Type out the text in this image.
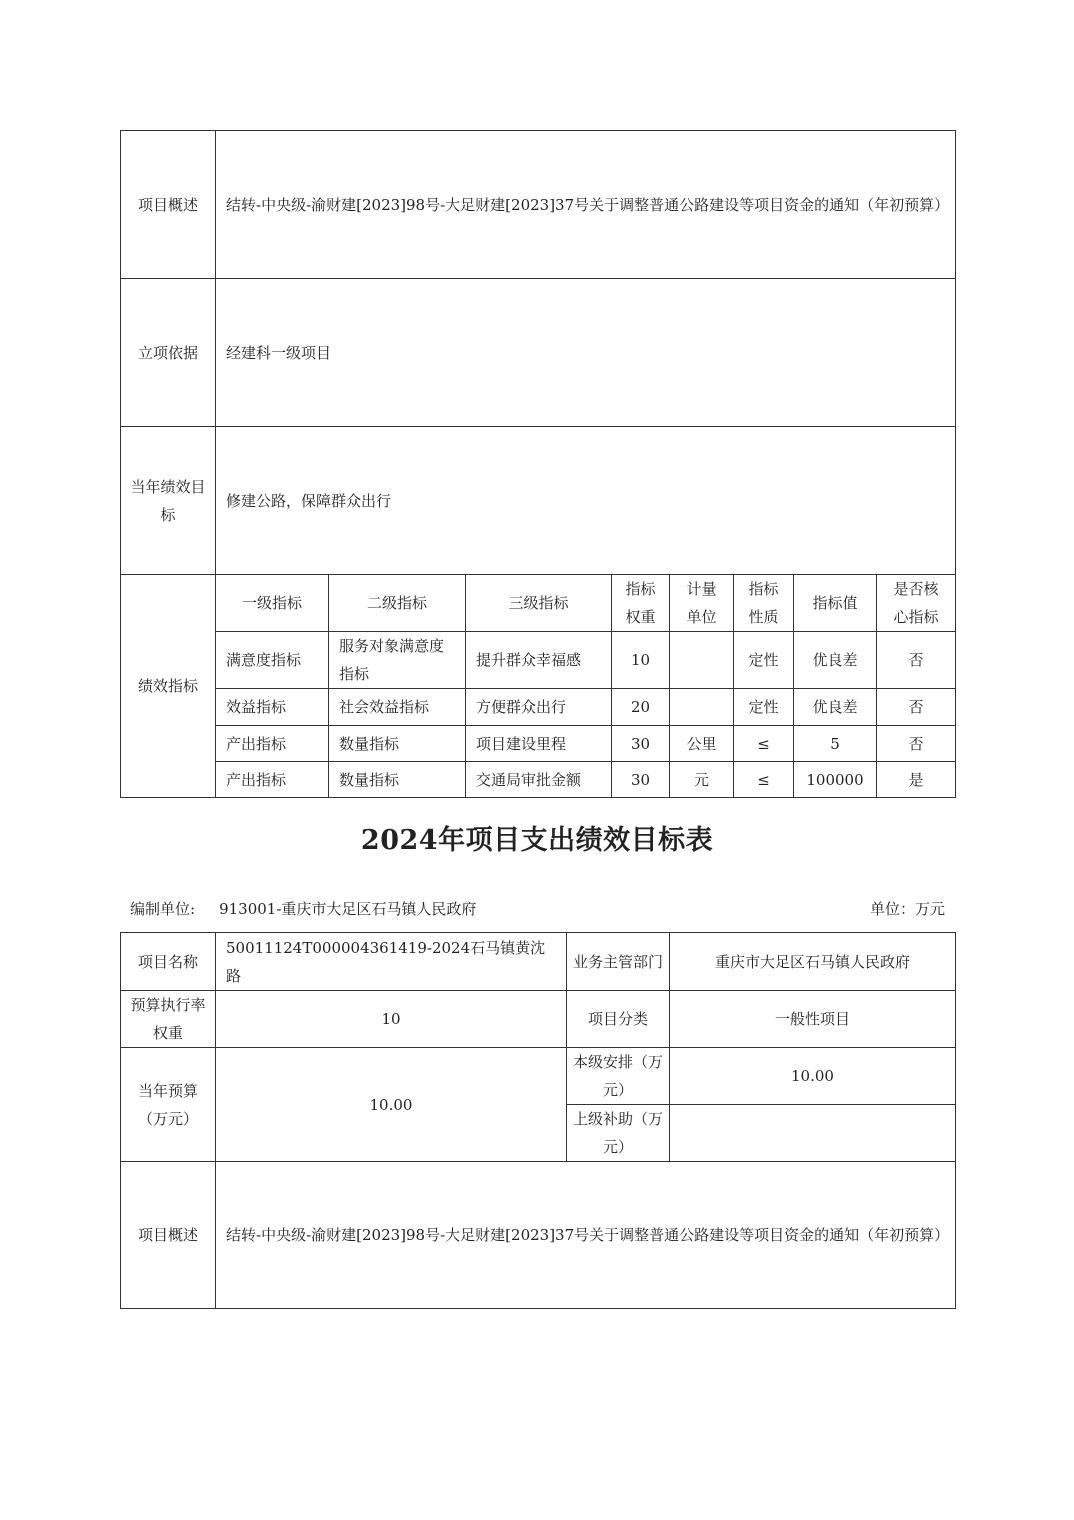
项目概述	结转-中央级-渝财建[2023]98号-大足财建[2023]37号关于调整普通公路建设等项目资金的通知（年初预算）							
立项依据	经建科一级项目							
当年绩效目标	修建公路，保障群众出行							
绩效指标	一级指标	二级指标	三级指标	指标权重	计量单位	指标性质	指标值	是否核心指标
	满意度指标	服务对象满意度指标	提升群众幸福感	10		定性	优良差	否
	效益指标	社会效益指标	方便群众出行	20		定性	优良差	否
	产出指标	数量指标	项目建设里程	30	公里	≤	5	否
	产出指标	数量指标	交通局审批金额	30	元	≤	100000	是
2024年项目支出绩效目标表
编制单位: 913001-重庆市大足区石马镇人民政府	单位：万元
项目名称	50011124T000004361419-2024石马镇黄沈路	业务主管部门	重庆市大足区石马镇人民政府
预算执行率权重	10	项目分类	一般性项目
当年预算（万元）	10.00	本级安排（万元）	10.00
		上级补助（万元）	
项目概述	结转-中央级-渝财建[2023]98号-大足财建[2023]37号关于调整普通公路建设等项目资金的通知（年初预算）		
